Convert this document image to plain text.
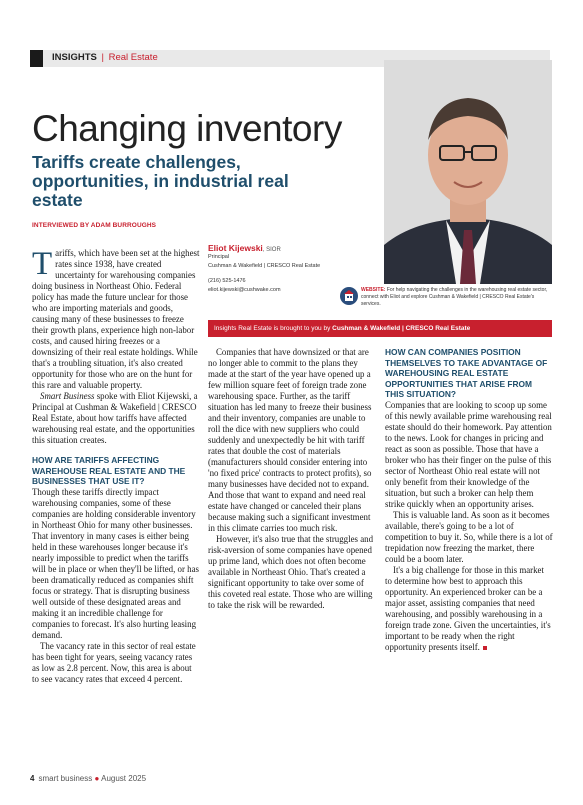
INSIGHTS | Real Estate
Changing inventory
Tariffs create challenges, opportunities, in industrial real estate
INTERVIEWED BY ADAM BURROUGHS
Eliot Kijewski, SIOR
Principal
Cushman & Wakefield | CRESCO Real Estate
(216) 525-1476
eliot.kijewski@cushwake.com	WEBSITE: For help navigating the challenges in the warehousing real estate sector, connect with Eliot and explore Cushman & Wakefield | CRESCO Real Estate's services.
Insights Real Estate is brought to you by Cushman & Wakefield | CRESCO Real Estate

Tariffs, which have been set at the highest rates since 1938, have created uncertainty for warehousing companies doing business in Northeast Ohio. Federal policy has made the future unclear for those who are importing materials and goods, causing many of these businesses to freeze their growth plans, experience high non-labor costs, and caused hiring freezes or a downsizing of their real estate holdings. While that's a troubling situation, it's also created opportunity for those who are on the hunt for this rare and valuable property.

Smart Business spoke with Eliot Kijewski, a Principal at Cushman & Wakefield | CRESCO Real Estate, about how tariffs have affected warehousing real estate, and the opportunities this situation creates.

HOW ARE TARIFFS AFFECTING WAREHOUSE REAL ESTATE AND THE BUSINESSES THAT USE IT?

Though these tariffs directly impact warehousing companies, some of these companies are holding considerable inventory in Northeast Ohio for many other businesses. That inventory in many cases is either being held in these warehouses longer because it's nearly impossible to predict when the tariffs will be in place or when they'll be lifted, or has been dramatically reduced as companies shift focus or strategy. That is disrupting business well outside of these designated areas and making it an incredible challenge for companies to forecast. It's also hurting leasing demand.

The vacancy rate in this sector of real estate has been tight for years, seeing vacancy rates as low as 2.8 percent. Now, this area is about to see vacancy rates that exceed 4 percent.

Companies that have downsized or that are no longer able to commit to the plans they made at the start of the year have opened up a few million square feet of foreign trade zone warehousing space. Further, as the tariff situation has led many to freeze their business and their inventory, companies are unable to roll the dice with new suppliers who could suddenly and unexpectedly be hit with tariff rates that double the cost of materials (manufacturers should consider entering into 'no fixed price' contracts to protect profits), so many businesses have decided not to expand. And those that want to expand and need real estate have changed or canceled their plans because making such a significant investment in this climate carries too much risk.

However, it's also true that the struggles and risk-aversion of some companies have opened up prime land, which does not often become available in Northeast Ohio. That's created a significant opportunity to take over some of this coveted real estate. Those who are willing to take the risk will be rewarded.

HOW CAN COMPANIES POSITION THEMSELVES TO TAKE ADVANTAGE OF WAREHOUSING REAL ESTATE OPPORTUNITIES THAT ARISE FROM THIS SITUATION?

Companies that are looking to scoop up some of this newly available prime warehousing real estate should do their homework. Pay attention to the news. Look for changes in pricing and react as soon as possible. Those that have a broker who has their finger on the pulse of this sector of Northeast Ohio real estate will not only benefit from their knowledge of the situation, but such a broker can help them strike quickly when an opportunity arises.

This is valuable land. As soon as it becomes available, there's going to be a lot of competition to buy it. So, while there is a lot of trepidation now freezing the market, there could be a boom later.

It's a big challenge for those in this market to determine how best to approach this opportunity. An experienced broker can be a major asset, assisting companies that need warehousing, and possibly warehousing in a foreign trade zone. Given the uncertainties, it's important to be ready when the right opportunity presents itself.

4 smart business ● August 2025
